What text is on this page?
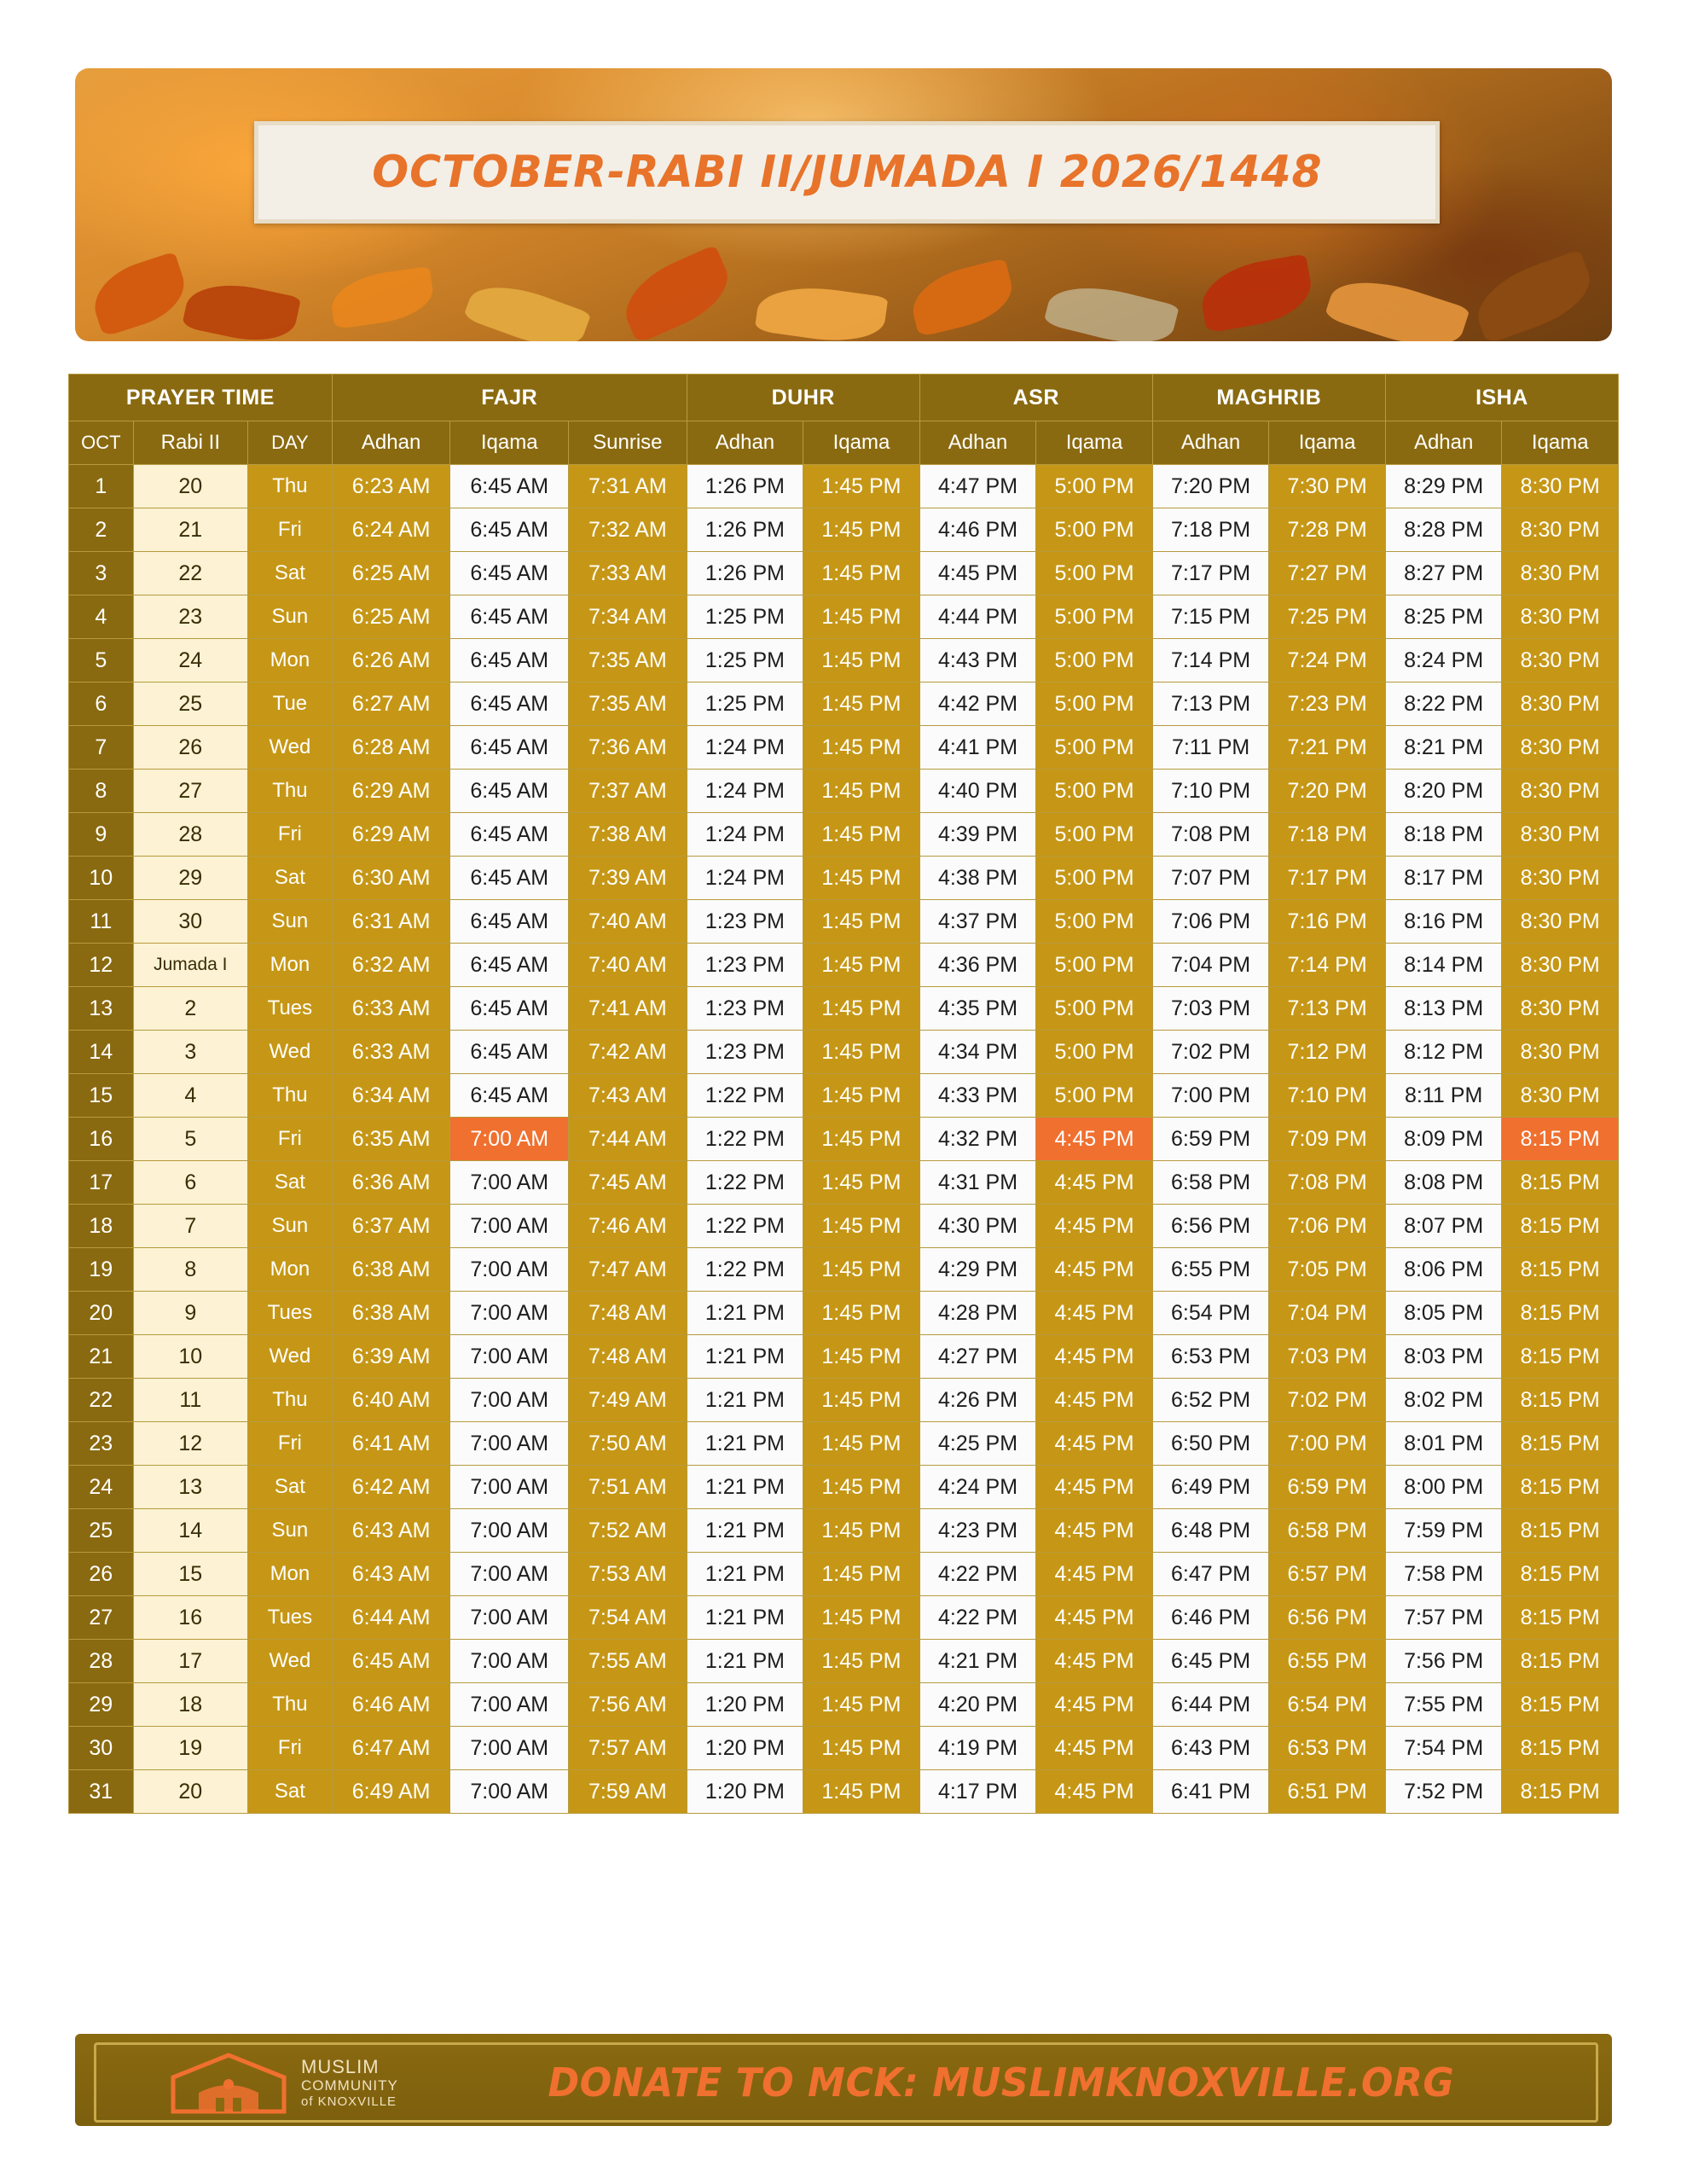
OCTOBER-RABI II/JUMADA I 2026/1448
PRAYER TIME			FAJR			DUHR		ASR		MAGHRIB		ISHA	
OCT	Rabi II	DAY	Adhan	Iqama	Sunrise	Adhan	Iqama	Adhan	Iqama	Adhan	Iqama	Adhan	Iqama
1	20	Thu	6:23 AM	6:45 AM	7:31 AM	1:26 PM	1:45 PM	4:47 PM	5:00 PM	7:20 PM	7:30 PM	8:29 PM	8:30 PM
2	21	Fri	6:24 AM	6:45 AM	7:32 AM	1:26 PM	1:45 PM	4:46 PM	5:00 PM	7:18 PM	7:28 PM	8:28 PM	8:30 PM
3	22	Sat	6:25 AM	6:45 AM	7:33 AM	1:26 PM	1:45 PM	4:45 PM	5:00 PM	7:17 PM	7:27 PM	8:27 PM	8:30 PM
4	23	Sun	6:25 AM	6:45 AM	7:34 AM	1:25 PM	1:45 PM	4:44 PM	5:00 PM	7:15 PM	7:25 PM	8:25 PM	8:30 PM
5	24	Mon	6:26 AM	6:45 AM	7:35 AM	1:25 PM	1:45 PM	4:43 PM	5:00 PM	7:14 PM	7:24 PM	8:24 PM	8:30 PM
6	25	Tue	6:27 AM	6:45 AM	7:35 AM	1:25 PM	1:45 PM	4:42 PM	5:00 PM	7:13 PM	7:23 PM	8:22 PM	8:30 PM
7	26	Wed	6:28 AM	6:45 AM	7:36 AM	1:24 PM	1:45 PM	4:41 PM	5:00 PM	7:11 PM	7:21 PM	8:21 PM	8:30 PM
8	27	Thu	6:29 AM	6:45 AM	7:37 AM	1:24 PM	1:45 PM	4:40 PM	5:00 PM	7:10 PM	7:20 PM	8:20 PM	8:30 PM
9	28	Fri	6:29 AM	6:45 AM	7:38 AM	1:24 PM	1:45 PM	4:39 PM	5:00 PM	7:08 PM	7:18 PM	8:18 PM	8:30 PM
10	29	Sat	6:30 AM	6:45 AM	7:39 AM	1:24 PM	1:45 PM	4:38 PM	5:00 PM	7:07 PM	7:17 PM	8:17 PM	8:30 PM
11	30	Sun	6:31 AM	6:45 AM	7:40 AM	1:23 PM	1:45 PM	4:37 PM	5:00 PM	7:06 PM	7:16 PM	8:16 PM	8:30 PM
12	Jumada I	Mon	6:32 AM	6:45 AM	7:40 AM	1:23 PM	1:45 PM	4:36 PM	5:00 PM	7:04 PM	7:14 PM	8:14 PM	8:30 PM
13	2	Tues	6:33 AM	6:45 AM	7:41 AM	1:23 PM	1:45 PM	4:35 PM	5:00 PM	7:03 PM	7:13 PM	8:13 PM	8:30 PM
14	3	Wed	6:33 AM	6:45 AM	7:42 AM	1:23 PM	1:45 PM	4:34 PM	5:00 PM	7:02 PM	7:12 PM	8:12 PM	8:30 PM
15	4	Thu	6:34 AM	6:45 AM	7:43 AM	1:22 PM	1:45 PM	4:33 PM	5:00 PM	7:00 PM	7:10 PM	8:11 PM	8:30 PM
16	5	Fri	6:35 AM	7:00 AM	7:44 AM	1:22 PM	1:45 PM	4:32 PM	4:45 PM	6:59 PM	7:09 PM	8:09 PM	8:15 PM
17	6	Sat	6:36 AM	7:00 AM	7:45 AM	1:22 PM	1:45 PM	4:31 PM	4:45 PM	6:58 PM	7:08 PM	8:08 PM	8:15 PM
18	7	Sun	6:37 AM	7:00 AM	7:46 AM	1:22 PM	1:45 PM	4:30 PM	4:45 PM	6:56 PM	7:06 PM	8:07 PM	8:15 PM
19	8	Mon	6:38 AM	7:00 AM	7:47 AM	1:22 PM	1:45 PM	4:29 PM	4:45 PM	6:55 PM	7:05 PM	8:06 PM	8:15 PM
20	9	Tues	6:38 AM	7:00 AM	7:48 AM	1:21 PM	1:45 PM	4:28 PM	4:45 PM	6:54 PM	7:04 PM	8:05 PM	8:15 PM
21	10	Wed	6:39 AM	7:00 AM	7:48 AM	1:21 PM	1:45 PM	4:27 PM	4:45 PM	6:53 PM	7:03 PM	8:03 PM	8:15 PM
22	11	Thu	6:40 AM	7:00 AM	7:49 AM	1:21 PM	1:45 PM	4:26 PM	4:45 PM	6:52 PM	7:02 PM	8:02 PM	8:15 PM
23	12	Fri	6:41 AM	7:00 AM	7:50 AM	1:21 PM	1:45 PM	4:25 PM	4:45 PM	6:50 PM	7:00 PM	8:01 PM	8:15 PM
24	13	Sat	6:42 AM	7:00 AM	7:51 AM	1:21 PM	1:45 PM	4:24 PM	4:45 PM	6:49 PM	6:59 PM	8:00 PM	8:15 PM
25	14	Sun	6:43 AM	7:00 AM	7:52 AM	1:21 PM	1:45 PM	4:23 PM	4:45 PM	6:48 PM	6:58 PM	7:59 PM	8:15 PM
26	15	Mon	6:43 AM	7:00 AM	7:53 AM	1:21 PM	1:45 PM	4:22 PM	4:45 PM	6:47 PM	6:57 PM	7:58 PM	8:15 PM
27	16	Tues	6:44 AM	7:00 AM	7:54 AM	1:21 PM	1:45 PM	4:22 PM	4:45 PM	6:46 PM	6:56 PM	7:57 PM	8:15 PM
28	17	Wed	6:45 AM	7:00 AM	7:55 AM	1:21 PM	1:45 PM	4:21 PM	4:45 PM	6:45 PM	6:55 PM	7:56 PM	8:15 PM
29	18	Thu	6:46 AM	7:00 AM	7:56 AM	1:20 PM	1:45 PM	4:20 PM	4:45 PM	6:44 PM	6:54 PM	7:55 PM	8:15 PM
30	19	Fri	6:47 AM	7:00 AM	7:57 AM	1:20 PM	1:45 PM	4:19 PM	4:45 PM	6:43 PM	6:53 PM	7:54 PM	8:15 PM
31	20	Sat	6:49 AM	7:00 AM	7:59 AM	1:20 PM	1:45 PM	4:17 PM	4:45 PM	6:41 PM	6:51 PM	7:52 PM	8:15 PM
MUSLIM
COMMUNITY
of KNOXVILLE	DONATE TO MCK: MUSLIMKNOXVILLE.ORG
